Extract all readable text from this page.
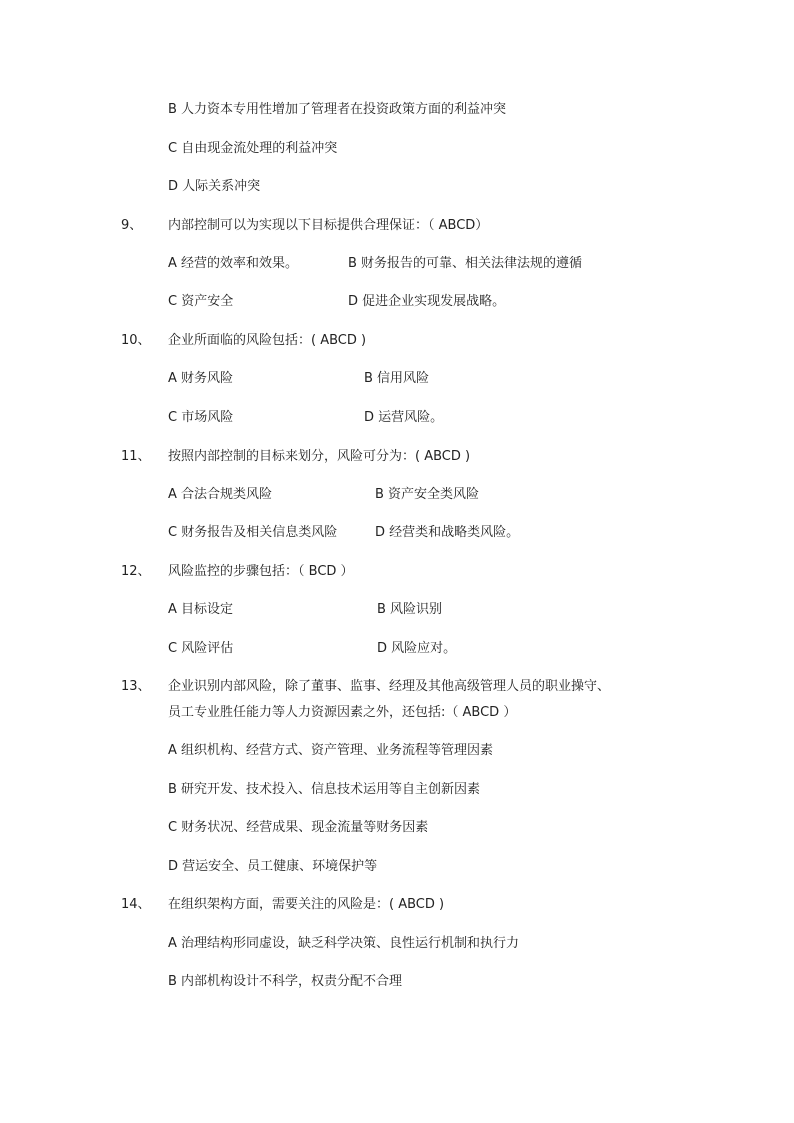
B 人力资本专用性增加了管理者在投资政策方面的利益冲突
C 自由现金流处理的利益冲突
D 人际关系冲突
9、 内部控制可以为实现以下目标提供合理保证：（ ABCD）
A 经营的效率和效果。	B 财务报告的可靠、相关法律法规的遵循
C 资产安全	D 促进企业实现发展战略。
10、 企业所面临的风险包括：( ABCD )
A 财务风险	B 信用风险
C 市场风险	D 运营风险。
11、 按照内部控制的目标来划分，风险可分为：( ABCD )
A 合法合规类风险	B 资产安全类风险
C 财务报告及相关信息类风险	D 经营类和战略类风险。
12、 风险监控的步骤包括：（ BCD ）
A 目标设定	B 风险识别
C 风险评估	D 风险应对。
13、 企业识别内部风险，除了董事、监事、经理及其他高级管理人员的职业操守、
员工专业胜任能力等人力资源因素之外，还包括:（ ABCD ）
A 组织机构、经营方式、资产管理、业务流程等管理因素
B 研究开发、技术投入、信息技术运用等自主创新因素
C 财务状况、经营成果、现金流量等财务因素
D 营运安全、员工健康、环境保护等
14、 在组织架构方面，需要关注的风险是：( ABCD )
A 治理结构形同虚设，缺乏科学决策、良性运行机制和执行力
B 内部机构设计不科学，权责分配不合理
